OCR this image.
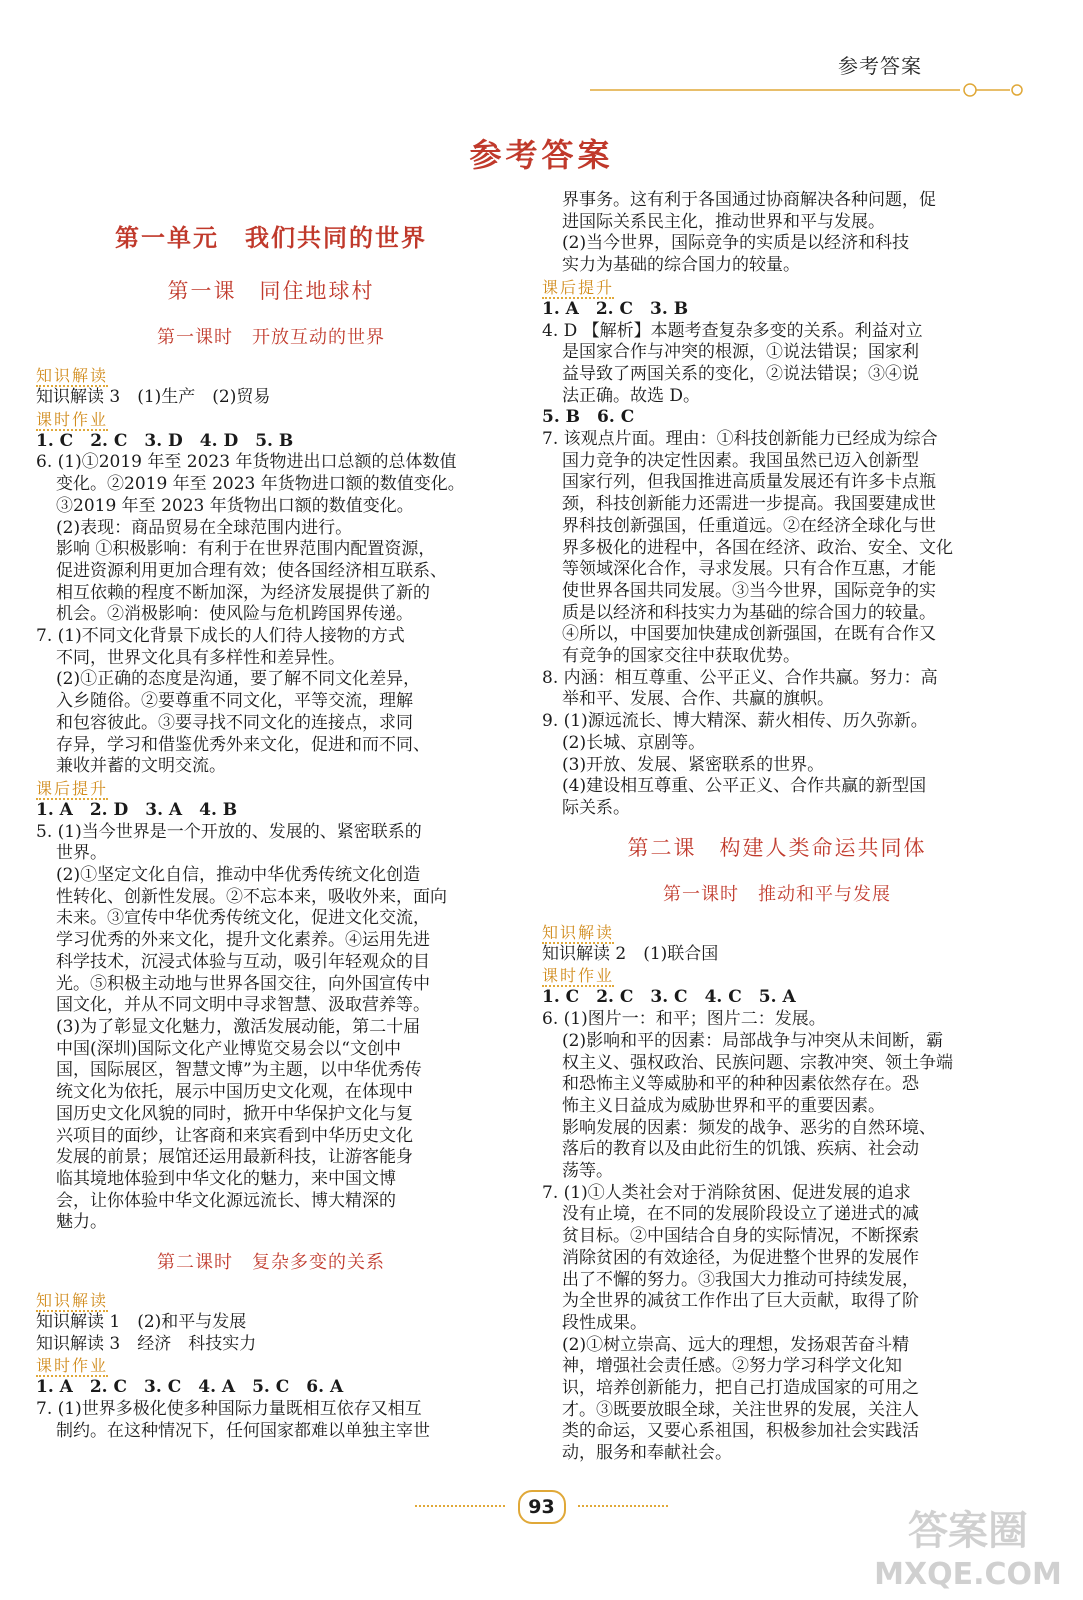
参考答案
参考答案
第一单元　我们共同的世界
第一课　同住地球村
第一课时　开放互动的世界
知识解读
知识解读 3　(1)生产　(2)贸易
课时作业
1. C　2. C　3. D　4. D　5. B
6. (1)①2019 年至 2023 年货物进出口总额的总体数值
变化。②2019 年至 2023 年货物进口额的数值变化。
③2019 年至 2023 年货物出口额的数值变化。
(2)表现：商品贸易在全球范围内进行。
影响 ①积极影响：有利于在世界范围内配置资源，
促进资源利用更加合理有效；使各国经济相互联系、
相互依赖的程度不断加深，为经济发展提供了新的
机会。②消极影响：使风险与危机跨国界传递。
7. (1)不同文化背景下成长的人们待人接物的方式
不同，世界文化具有多样性和差异性。
(2)①正确的态度是沟通，要了解不同文化差异，
入乡随俗。②要尊重不同文化，平等交流，理解
和包容彼此。③要寻找不同文化的连接点，求同
存异，学习和借鉴优秀外来文化，促进和而不同、
兼收并蓄的文明交流。
课后提升
1. A　2. D　3. A　4. B
5. (1)当今世界是一个开放的、发展的、紧密联系的
世界。
(2)①坚定文化自信，推动中华优秀传统文化创造
性转化、创新性发展。②不忘本来，吸收外来，面向
未来。③宣传中华优秀传统文化，促进文化交流，
学习优秀的外来文化，提升文化素养。④运用先进
科学技术，沉浸式体验与互动，吸引年轻观众的目
光。⑤积极主动地与世界各国交往，向外国宣传中
国文化，并从不同文明中寻求智慧、汲取营养等。
(3)为了彰显文化魅力，激活发展动能，第二十届
中国(深圳)国际文化产业博览交易会以“文创中
国，国际展区，智慧文博”为主题，以中华优秀传
统文化为依托，展示中国历史文化观，在体现中
国历史文化风貌的同时，掀开中华保护文化与复
兴项目的面纱，让客商和来宾看到中华历史文化
发展的前景；展馆还运用最新科技，让游客能身
临其境地体验到中华文化的魅力，来中国文博
会，让你体验中华文化源远流长、博大精深的
魅力。
第二课时　复杂多变的关系
知识解读
知识解读 1　(2)和平与发展
知识解读 3　经济　科技实力
课时作业
1. A　2. C　3. C　4. A　5. C　6. A
7. (1)世界多极化使多种国际力量既相互依存又相互
制约。在这种情况下，任何国家都难以单独主宰世
界事务。这有利于各国通过协商解决各种问题，促
进国际关系民主化，推动世界和平与发展。
(2)当今世界，国际竞争的实质是以经济和科技
实力为基础的综合国力的较量。
课后提升
1. A　2. C　3. B
4. D 【解析】本题考查复杂多变的关系。利益对立
是国家合作与冲突的根源，①说法错误；国家利
益导致了两国关系的变化，②说法错误；③④说
法正确。故选 D。
5. B　6. C
7. 该观点片面。理由：①科技创新能力已经成为综合
国力竞争的决定性因素。我国虽然已迈入创新型
国家行列，但我国推进高质量发展还有许多卡点瓶
颈，科技创新能力还需进一步提高。我国要建成世
界科技创新强国，任重道远。②在经济全球化与世
界多极化的进程中，各国在经济、政治、安全、文化
等领域深化合作，寻求发展。只有合作互惠，才能
使世界各国共同发展。③当今世界，国际竞争的实
质是以经济和科技实力为基础的综合国力的较量。
④所以，中国要加快建成创新强国，在既有合作又
有竞争的国家交往中获取优势。
8. 内涵：相互尊重、公平正义、合作共赢。努力：高
举和平、发展、合作、共赢的旗帜。
9. (1)源远流长、博大精深、薪火相传、历久弥新。
(2)长城、京剧等。
(3)开放、发展、紧密联系的世界。
(4)建设相互尊重、公平正义、合作共赢的新型国
际关系。
第二课　构建人类命运共同体
第一课时　推动和平与发展
知识解读
知识解读 2　(1)联合国
课时作业
1. C　2. C　3. C　4. C　5. A
6. (1)图片一：和平；图片二：发展。
(2)影响和平的因素：局部战争与冲突从未间断，霸
权主义、强权政治、民族问题、宗教冲突、领土争端
和恐怖主义等威胁和平的种种因素依然存在。恐
怖主义日益成为威胁世界和平的重要因素。
影响发展的因素：频发的战争、恶劣的自然环境、
落后的教育以及由此衍生的饥饿、疾病、社会动
荡等。
7. (1)①人类社会对于消除贫困、促进发展的追求
没有止境，在不同的发展阶段设立了递进式的减
贫目标。②中国结合自身的实际情况，不断探索
消除贫困的有效途径，为促进整个世界的发展作
出了不懈的努力。③我国大力推动可持续发展，
为全世界的减贫工作作出了巨大贡献，取得了阶
段性成果。
(2)①树立崇高、远大的理想，发扬艰苦奋斗精
神，增强社会责任感。②努力学习科学文化知
识，培养创新能力，把自己打造成国家的可用之
才。③既要放眼全球，关注世界的发展，关注人
类的命运，又要心系祖国，积极参加社会实践活
动，服务和奉献社会。
93
答案圈
MXQE.COM
